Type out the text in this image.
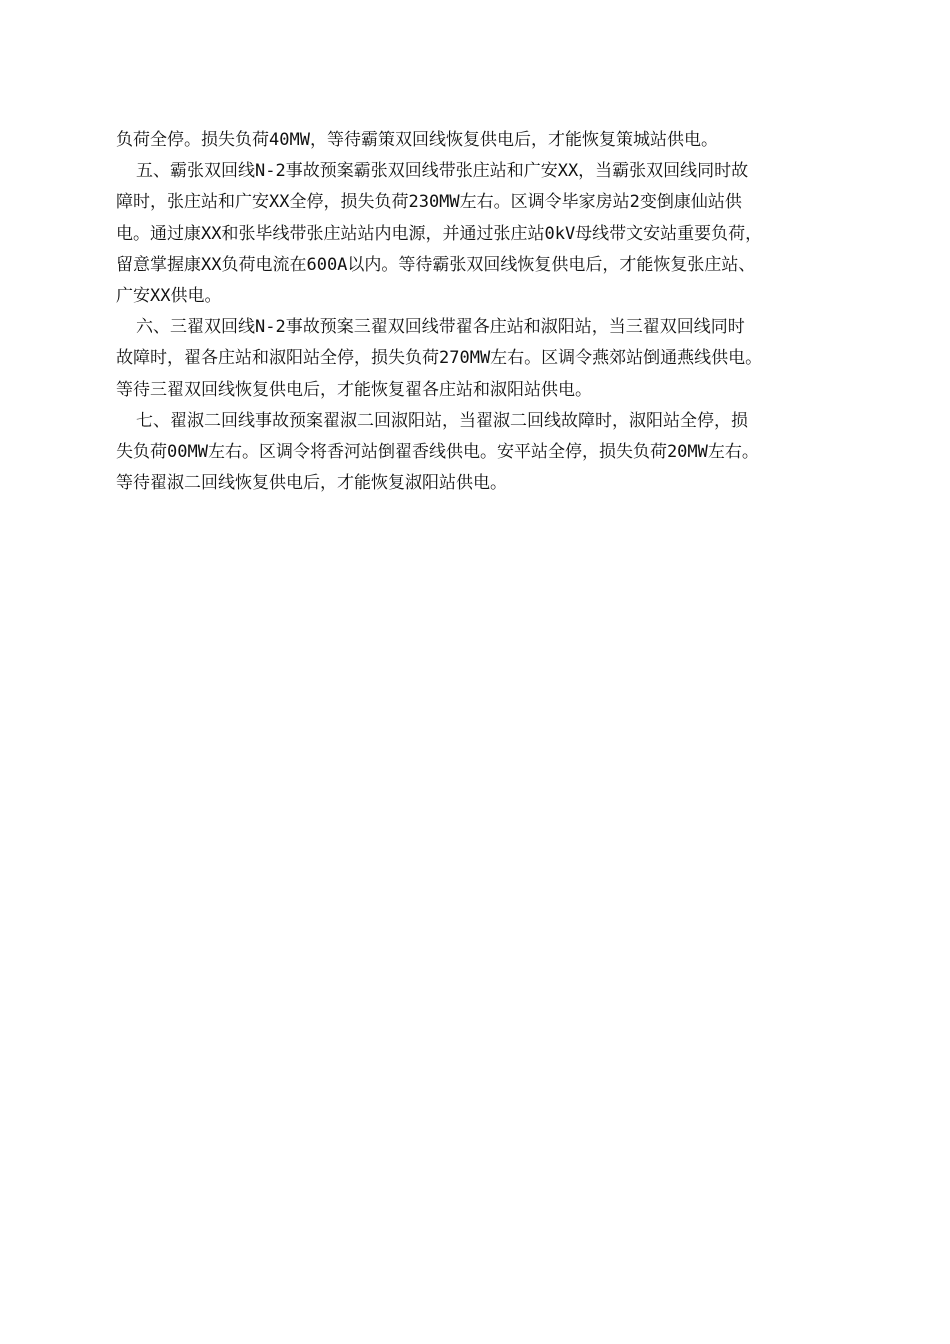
负荷全停。损失负荷40MW，等待霸策双回线恢复供电后，才能恢复策城站供电。
五、霸张双回线N-2事故预案霸张双回线带张庄站和广安XX，当霸张双回线同时故
障时，张庄站和广安XX全停，损失负荷230MW左右。区调令毕家房站2变倒康仙站供
电。通过康XX和张毕线带张庄站站内电源，并通过张庄站0kV母线带文安站重要负荷，
留意掌握康XX负荷电流在600A以内。等待霸张双回线恢复供电后，才能恢复张庄站、
广安XX供电。
六、三翟双回线N-2事故预案三翟双回线带翟各庄站和淑阳站，当三翟双回线同时
故障时，翟各庄站和淑阳站全停，损失负荷270MW左右。区调令燕郊站倒通燕线供电。
等待三翟双回线恢复供电后，才能恢复翟各庄站和淑阳站供电。
七、翟淑二回线事故预案翟淑二回淑阳站，当翟淑二回线故障时，淑阳站全停，损
失负荷00MW左右。区调令将香河站倒翟香线供电。安平站全停，损失负荷20MW左右。
等待翟淑二回线恢复供电后，才能恢复淑阳站供电。
